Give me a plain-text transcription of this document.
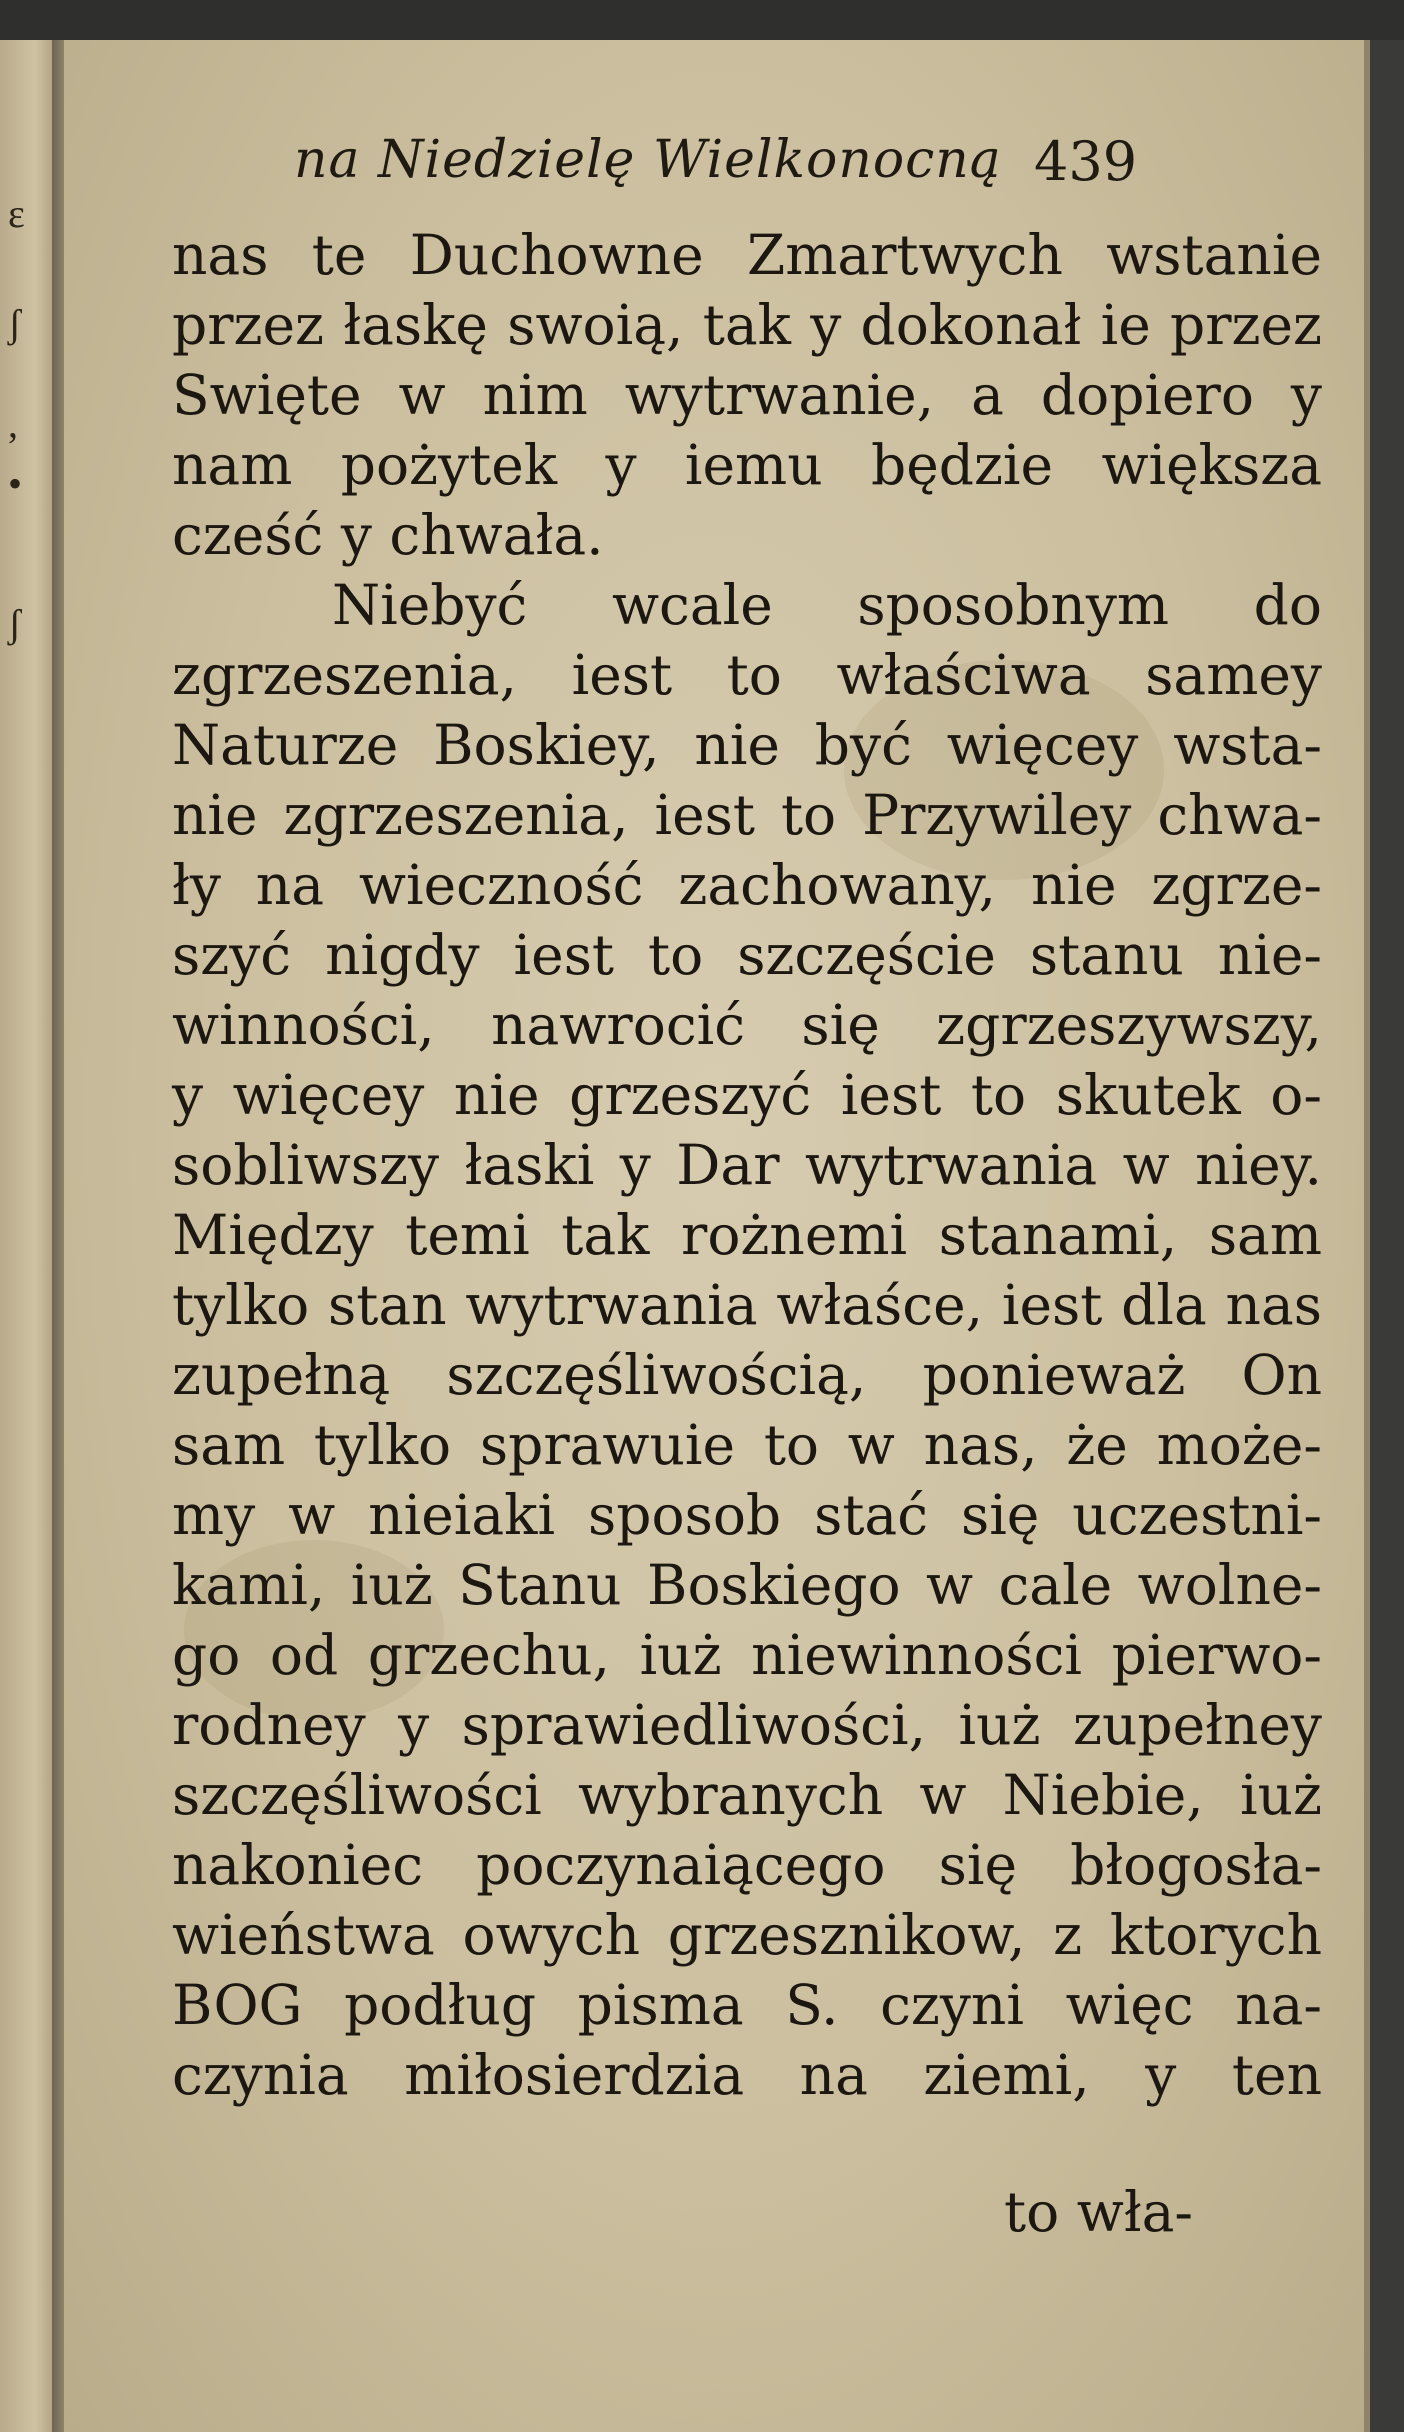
ε
ʃ
,
•
ʃ
na Niedzielę Wielkonocną 439
nas te Duchowne Zmartwych wstanie
przez łaskę swoią, tak y dokonał ie przez
Swięte w nim wytrwanie, a dopiero y
nam pożytek y iemu będzie większa
cześć y chwała.
Niebyć wcale sposobnym do
zgrzeszenia, iest to właściwa samey
Naturze Boskiey, nie być więcey wsta-
nie zgrzeszenia, iest to Przywiley chwa-
ły na wieczność zachowany, nie zgrze-
szyć nigdy iest to szczęście stanu nie-
winności, nawrocić się zgrzeszywszy,
y więcey nie grzeszyć iest to skutek o-
sobliwszy łaski y Dar wytrwania w niey.
Między temi tak rożnemi stanami, sam
tylko stan wytrwania właśce, iest dla nas
zupełną szczęśliwością, ponieważ On
sam tylko sprawuie to w nas, że może-
my w nieiaki sposob stać się uczestni-
kami, iuż Stanu Boskiego w cale wolne-
go od grzechu, iuż niewinności pierwo-
rodney y sprawiedliwości, iuż zupełney
szczęśliwości wybranych w Niebie, iuż
nakoniec poczynaiącego się błogosła-
wieństwa owych grzesznikow, z ktorych
BOG podług pisma S. czyni więc na-
czynia miłosierdzia na ziemi, y ten
to wła-
